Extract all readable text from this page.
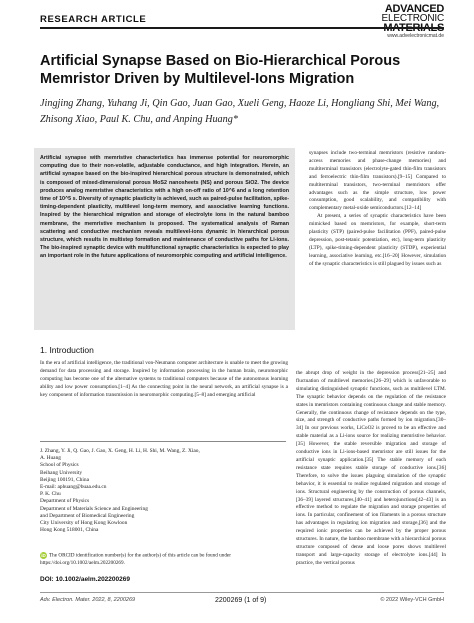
RESEARCH ARTICLE
ADVANCED
ELECTRONIC
www.advelectronicmat.de
Artificial Synapse Based on Bio-Hierarchical Porous Memristor Driven by Multilevel-Ions Migration

Jingjing Zhang, Yuhang Ji, Qin Gao, Juan Gao, Xueli Geng, Haoze Li, Hongliang Shi, Mei Wang, Zhisong Xiao, Paul K. Chu, and Anping Huang*

Artificial synapse with memristive characteristics has immense potential for neuromorphic computing due to their non-volatile, adjustable conductance, and high integration. Herein, an artificial synapse based on the bio-inspired hierarchical porous structure is demonstrated, which is composed of mixed-dimensional porous MoS2 nanosheets (NS) and porous SiO2. The device produces analog memristive characteristics with a high on-off ratio of 10^6 and a long retention time of 10^5 s. Diversity of synaptic plasticity is achieved, such as paired-pulse facilitation, spike-timing-dependent plasticity, multilevel long-term memory, and associative learning functions. Inspired by the hierarchical migration and storage of electrolyte ions in the natural bamboo membrane, the memristive mechanism is proposed. The systematical analysis of Raman scattering and conductive mechanism reveals multilevel-ions dynamic in hierarchical porous structure, which results in multistep formation and maintenance of conductive paths for Li-ions. The bio-inspired synaptic device with multifunctional synaptic characteristics is expected to play an important role in the future applications of neuromorphic computing and artificial intelligence.

synapses include two-terminal memristors (resistive random-access memories and phase-change memories) and multiterminal transistors (electrolyte-gated thin-film transistors and ferroelectric thin-film transistors).[9–15] Compared to multiterminal transistors, two-terminal memristors offer advantages such as the simple structure, low power consumption, good scalability, and compatibility with complementary metal-oxide semiconductors.[12–14]

At present, a series of synaptic characteristics have been mimicked based on memristors, for example, short-term plasticity (STP) (paired-pulse facilitation (PPF), paired-pulse depression, post-tetanic potentiation, etc), long-term plasticity (LTP), spike-timing-dependent plasticity (STDP), experiential learning, associative learning, etc.[16–20] However, simulation of the synaptic characteristics is still plagued by issues such as

1. Introduction

In the era of artificial intelligence, the traditional von-Neumann computer architecture is unable to meet the growing demand for data processing and storage. Inspired by information processing in the human brain, neuromorphic computing has become one of the alternative systems to traditional computers because of the autonomous learning ability and low power consumption.[1–4] As the connecting point in the neural network, an artificial synapse is a key component of information transmission in neuromorphic computing.[5–8] and emerging artificial

the abrupt drop of weight in the depression process[21–25] and fluctuation of multilevel memories.[26–29] which is unfavorable to simulating distinguished synaptic functions, such as multilevel LTM. The synaptic behavior depends on the regulation of the resistance states in memristors containing continuous change and stable memory. Generally, the continuous change of resistance depends on the type, size, and strength of conductive paths formed by ion migration.[30–34] In our previous works, LiCoO2 is proved to be an effective and stable material as a Li-ions source for realizing memristive behavior.[35] However, the stable reversible migration and storage of conductive ions in Li-ions-based memristor are still issues for the artificial synaptic application.[35] The stable memory of each resistance state requires stable storage of conductive ions.[36] Therefore, to solve the issues plaguing simulation of the synaptic behavior, it is essential to realize regulated migration and storage of ions. Structural engineering by the construction of porous channels,[36–39] layered structures,[40–41] and heterojunctions[42–43] is an effective method to regulate the migration and storage properties of ions. In particular, confinement of ion filaments in a porous structure has advantages in regulating ion migration and storage,[36] and the required ionic properties can be achieved by the proper porous structures. In nature, the bamboo membrane with a hierarchical porous structure composed of dense and loose pores shows multilevel transport and large-capacity storage of electrolyte ions.[44] In practice, the vertical porous
J. Zhang, Y. Ji, Q. Gao, J. Gao, X. Geng, H. Li, H. Shi, M. Wang, Z. Xiao,
A. Huang
School of Physics
Beihang University
Beijing 100191, China
E-mail: aphuang@buaa.edu.cn
P. K. Chu
Department of Physics
Department of Materials Science and Engineering
and Department of Biomedical Engineering
City University of Hong Kong Kowloon
Hong Kong 518001, China
iD The ORCID identification number(s) for the author(s) of this article can be found under https://doi.org/10.1002/aelm.202200269.
DOI: 10.1002/aelm.202200269
Adv. Electron. Mater. 2022, 8, 2200269	2200269 (1 of 9)	© 2022 Wiley-VCH GmbH
